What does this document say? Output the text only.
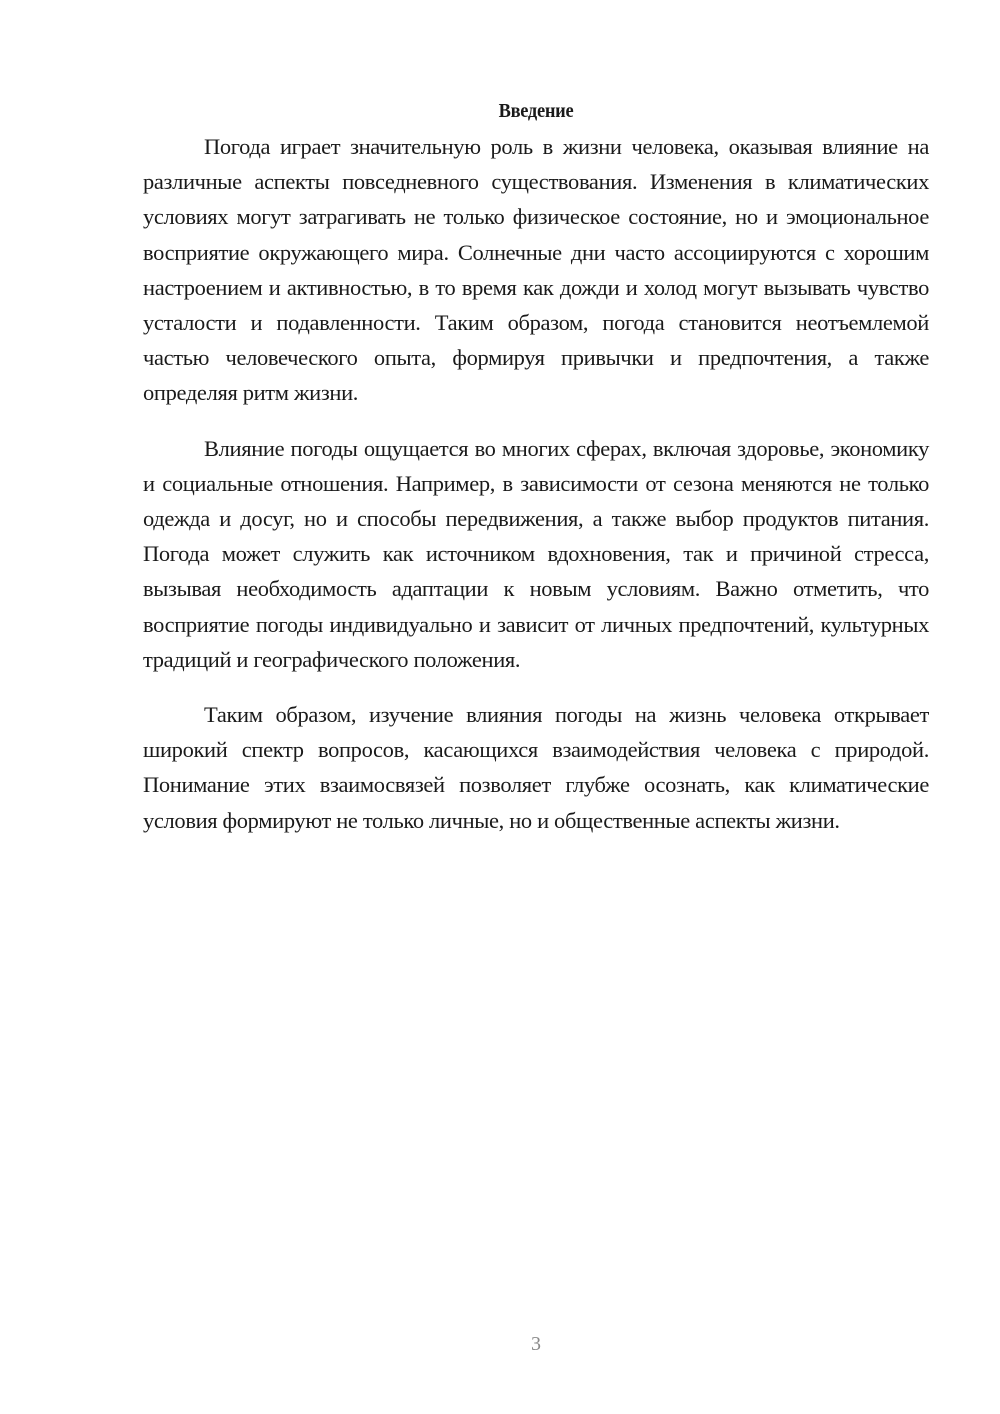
Введение

Погода играет значительную роль в жизни человека, оказывая влияние на различные аспекты повседневного существования. Изменения в климатических условиях могут затрагивать не только физическое состояние, но и эмоциональное восприятие окружающего мира. Солнечные дни часто ассоциируются с хорошим настроением и активностью, в то время как дожди и холод могут вызывать чувство усталости и подавленности. Таким образом, погода становится неотъемлемой частью человеческого опыта, формируя привычки и предпочтения, а также определяя ритм жизни.

Влияние погоды ощущается во многих сферах, включая здоровье, экономику и социальные отношения. Например, в зависимости от сезона меняются не только одежда и досуг, но и способы передвижения, а также выбор продуктов питания. Погода может служить как источником вдохновения, так и причиной стресса, вызывая необходимость адаптации к новым условиям. Важно отметить, что восприятие погоды индивидуально и зависит от личных предпочтений, культурных традиций и географического положения.

Таким образом, изучение влияния погоды на жизнь человека открывает широкий спектр вопросов, касающихся взаимодействия человека с природой. Понимание этих взаимосвязей позволяет глубже осознать, как климатические условия формируют не только личные, но и общественные аспекты жизни.

3
